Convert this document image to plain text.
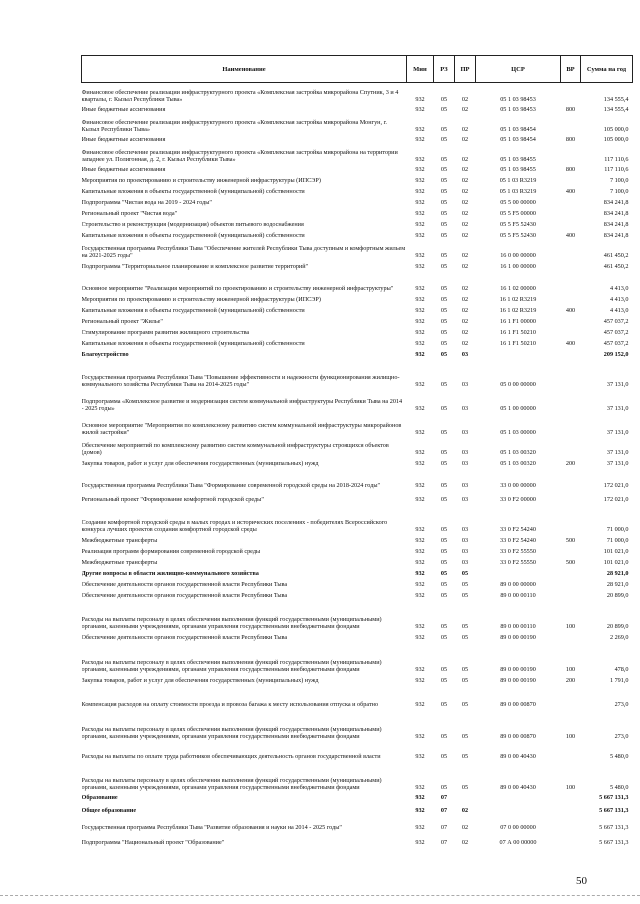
Наименование	Мин	РЗ	ПР	ЦСР	ВР	Сумма на год
Финансовое обеспечение реализации инфраструктурного проекта «Комплексная застройка микрорайона Спутник, 3 и 4 кварталы, г. Кызыл Республики Тыва»	932	05	02	05 1 03 98453		134 555,4
Иные бюджетные ассигнования	932	05	02	05 1 03 98453	800	134 555,4
Финансовое обеспечение реализации инфраструктурного проекта «Комплексная застройка микрорайона Монгун, г. Кызыл Республики Тыва»	932	05	02	05 1 03 98454		105 000,0
Иные бюджетные ассигнования	932	05	02	05 1 03 98454	800	105 000,0
Финансовое обеспечение реализации инфраструктурного проекта «Комплексная застройка микрорайона на территории западнее ул. Полигонная, д. 2, г. Кызыл Республики Тыва»	932	05	02	05 1 03 98455		117 110,6
Иные бюджетные ассигнования	932	05	02	05 1 03 98455	800	117 110,6
Мероприятия по проектированию и строительству инженерной инфраструктуры (ИПСЭР)	932	05	02	05 1 03 R3219		7 100,0
Капитальные вложения в объекты государственной (муниципальной) собственности	932	05	02	05 1 03 R3219	400	7 100,0
Подпрограмма "Чистая вода на 2019 - 2024 годы"	932	05	02	05 5 00 00000		834 241,8
Региональный проект "Чистая вода"	932	05	02	05 5 F5 00000		834 241,8
Строительство и реконструкция (модернизация) объектов питьевого водоснабжения	932	05	02	05 5 F5 52430		834 241,8
Капитальные вложения в объекты государственной (муниципальной) собственности	932	05	02	05 5 F5 52430	400	834 241,8
Государственная программа Республики Тыва "Обеспечение жителей Республики Тыва доступным и комфортным жильем на 2021-2025 годы"	932	05	02	16 0 00 00000		461 450,2
Подпрограмма "Территориальное планирование и комплексное развитие территорий"	932	05	02	16 1 00 00000		461 450,2
Основное мероприятие "Реализация мероприятий по проектированию и строительству инженерной инфраструктуры"	932	05	02	16 1 02 00000		4 413,0
Мероприятия по проектированию и строительству инженерной инфраструктуры (ИПСЭР)	932	05	02	16 1 02 R3219		4 413,0
Капитальные вложения в объекты государственной (муниципальной) собственности	932	05	02	16 1 02 R3219	400	4 413,0
Региональный проект "Жилье"	932	05	02	16 1 F1 00000		457 037,2
Стимулирование программ развития жилищного строительства	932	05	02	16 1 F1 50210		457 037,2
Капитальные вложения в объекты государственной (муниципальной) собственности	932	05	02	16 1 F1 50210	400	457 037,2
Благоустройство	932	05	03			209 152,0
Государственная программа Республики Тыва "Повышение эффективности и надежности функционирования жилищно-коммунального хозяйства Республики Тыва на 2014-2025 годы"	932	05	03	05 0 00 00000		37 131,0
Подпрограмма «Комплексное развитие и модернизация систем коммунальной инфраструктуры Республики Тыва на 2014 - 2025 годы»	932	05	03	05 1 00 00000		37 131,0
Основное мероприятие "Мероприятия по комплексному развитию систем коммунальной инфраструктуры микрорайонов жилой застройки"	932	05	03	05 1 03 00000		37 131,0
Обеспечение мероприятий по комплексному развитию систем коммунальной инфраструктуры строящихся объектов (домов)	932	05	03	05 1 03 00320		37 131,0
Закупка товаров, работ и услуг для обеспечения государственных (муниципальных) нужд	932	05	03	05 1 03 00320	200	37 131,0
Государственная программа Республики Тыва "Формирование современной городской среды на 2018-2024 годы"	932	05	03	33 0 00 00000		172 021,0
Региональный проект "Формирование комфортной городской среды"	932	05	03	33 0 F2 00000		172 021,0
Создание комфортной городской среды в малых городах и исторических поселениях - победителях Всероссийского конкурса лучших проектов создания комфортной городской среды	932	05	03	33 0 F2 54240		71 000,0
Межбюджетные трансферты	932	05	03	33 0 F2 54240	500	71 000,0
Реализация программ формирования современной городской среды	932	05	03	33 0 F2 55550		101 021,0
Межбюджетные трансферты	932	05	03	33 0 F2 55550	500	101 021,0
Другие вопросы в области жилищно-коммунального хозяйства	932	05	05			28 921,0
Обеспечение деятельности органов государственной власти Республики Тыва	932	05	05	89 0 00 00000		28 921,0
Обеспечение деятельности органов государственной власти Республики Тыва	932	05	05	89 0 00 00110		20 899,0
Расходы на выплаты персоналу в целях обеспечения выполнения функций государственными (муниципальными) органами, казенными учреждениями, органами управления государственными внебюджетными фондами	932	05	05	89 0 00 00110	100	20 899,0
Обеспечение деятельности органов государственной власти Республики Тыва	932	05	05	89 0 00 00190		2 269,0
Расходы на выплаты персоналу в целях обеспечения выполнения функций государственными (муниципальными) органами, казенными учреждениями, органами управления государственными внебюджетными фондами	932	05	05	89 0 00 00190	100	478,0
Закупка товаров, работ и услуг для обеспечения государственных (муниципальных) нужд	932	05	05	89 0 00 00190	200	1 791,0
Компенсация расходов на оплату стоимости проезда и провоза багажа к месту использования отпуска и обратно	932	05	05	89 0 00 00870		273,0
Расходы на выплаты персоналу в целях обеспечения выполнения функций государственными (муниципальными) органами, казенными учреждениями, органами управления государственными внебюджетными фондами	932	05	05	89 0 00 00870	100	273,0
Расходы на выплаты по оплате труда работников обеспечивающих деятельность органов государственной власти	932	05	05	89 0 00 40430		5 480,0
Расходы на выплаты персоналу в целях обеспечения выполнения функций государственными (муниципальными) органами, казенными учреждениями, органами управления государственными внебюджетными фондами	932	05	05	89 0 00 40430	100	5 480,0
Образование	932	07				5 667 131,3
Общее образование	932	07	02			5 667 131,3
Государственная программа Республики Тыва "Развитие образования и науки на 2014 - 2025 годы"	932	07	02	07 0 00 00000		5 667 131,3
Подпрограмма "Национальный проект "Образование"	932	07	02	07 А 00 00000		5 667 131,3
50
